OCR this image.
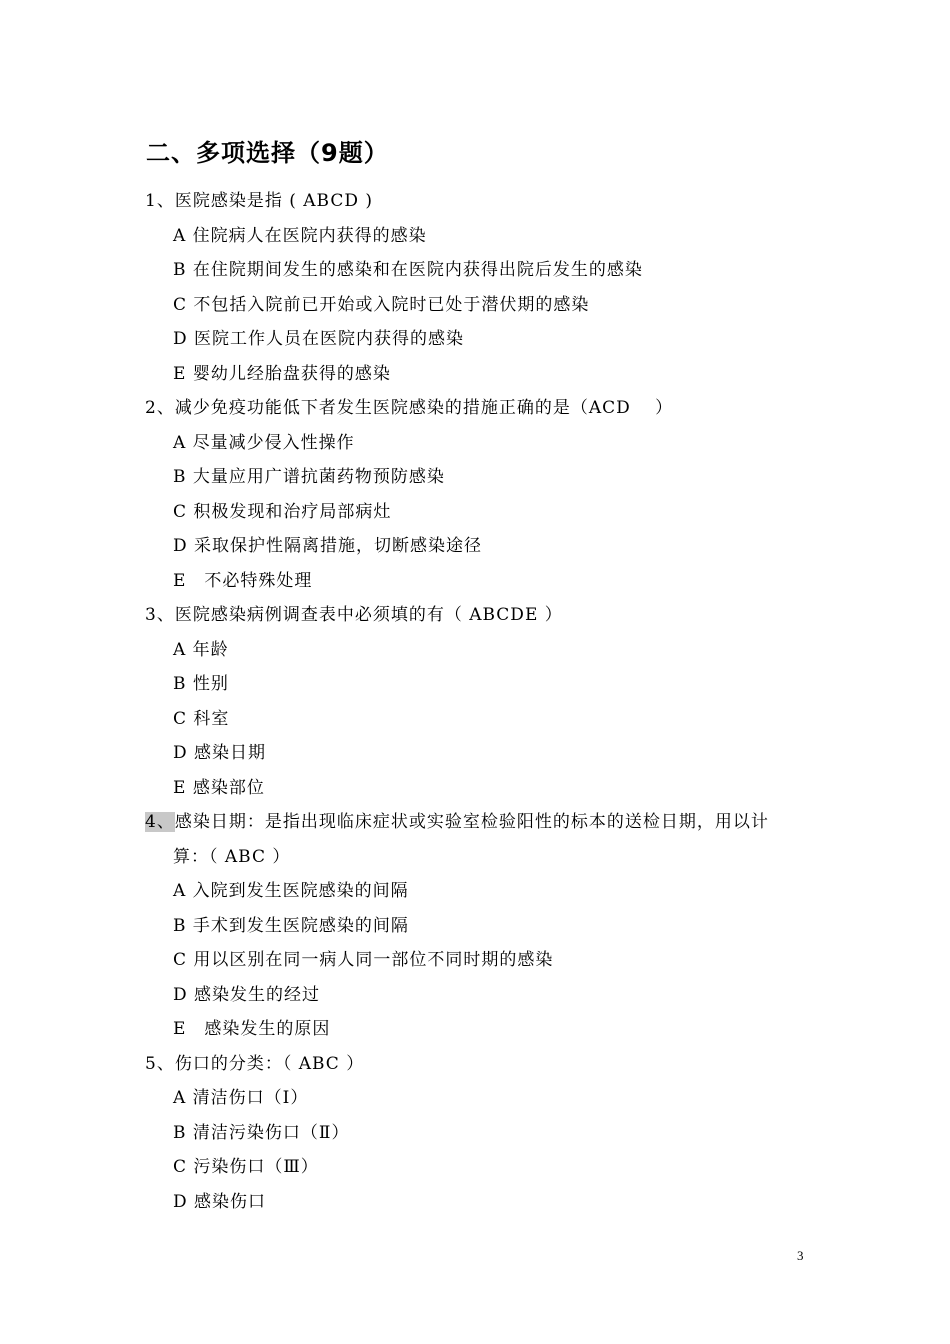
二、多项选择（9题）
1、医院感染是指 ( ABCD )
A 住院病人在医院内获得的感染
B 在住院期间发生的感染和在医院内获得出院后发生的感染
C 不包括入院前已开始或入院时已处于潜伏期的感染
D 医院工作人员在医院内获得的感染
E 婴幼儿经胎盘获得的感染
2、减少免疫功能低下者发生医院感染的措施正确的是（ACD　 ）
A 尽量减少侵入性操作
B 大量应用广谱抗菌药物预防感染
C 积极发现和治疗局部病灶
D 采取保护性隔离措施，切断感染途径
E　不必特殊处理
3、医院感染病例调查表中必须填的有（ ABCDE ）
A 年龄
B 性别
C 科室
D 感染日期
E 感染部位
4、感染日期：是指出现临床症状或实验室检验阳性的标本的送检日期，用以计
算：（ ABC ）
A 入院到发生医院感染的间隔
B 手术到发生医院感染的间隔
C 用以区别在同一病人同一部位不同时期的感染
D 感染发生的经过
E　感染发生的原因
5、伤口的分类：（ ABC ）
A 清洁伤口（Ⅰ）
B 清洁污染伤口（Ⅱ）
C 污染伤口（Ⅲ）
D 感染伤口
3
